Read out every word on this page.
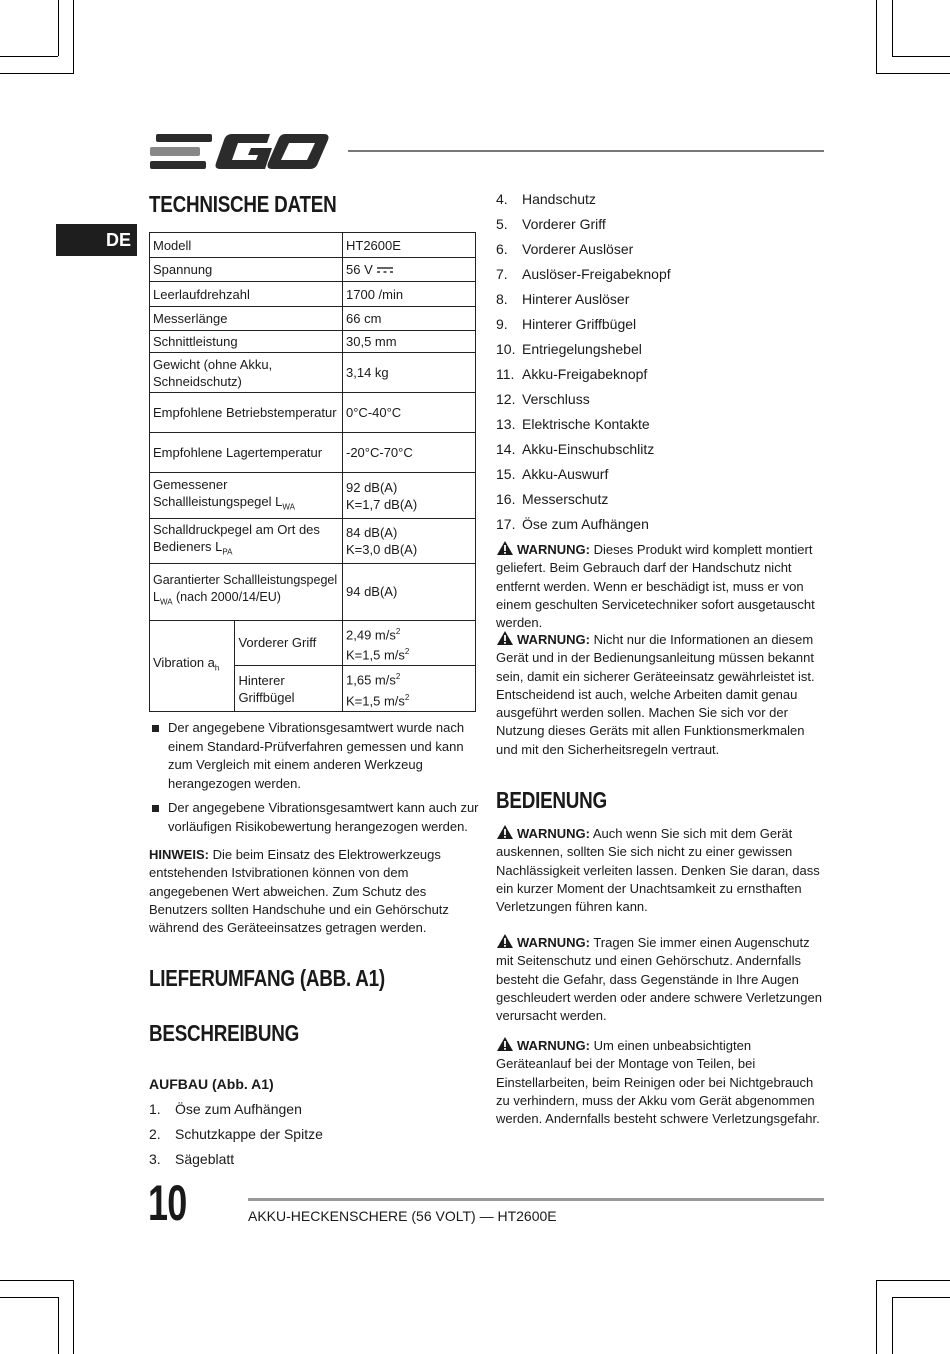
DE
TECHNISCHE DATEN
Modell		HT2600E
Spannung		56 V
Leerlaufdrehzahl		1700 /min
Messerlänge		66 cm
Schnittleistung		30,5 mm
Gewicht (ohne Akku,
Schneidschutz)		3,14 kg
Empfohlene Betriebstemperatur		0°C-40°C
Empfohlene Lagertemperatur		-20°C-70°C
Gemessener
Schallleistungspegel $L_{WA}$		92 dB(A)
K=1,7 dB(A)
Schalldruckpegel am Ort des
Bedieners $L_{PA}$		84 dB(A)
K=3,0 dB(A)
Garantierter Schallleistungspegel
$L_{WA}$ (nach 2000/14/EU)		94 dB(A)
Vibration $a_h$	Vorderer Griff	2,49 $m/s^2$
K=1,5 $m/s^2$
	Hinterer Griffbügel	1,65 $m/s^2$
K=1,5 $m/s^2$
Der angegebene Vibrationsgesamtwert wurde nach einem Standard-Prüfverfahren gemessen und kann zum Vergleich mit einem anderen Werkzeug herangezogen werden.
Der angegebene Vibrationsgesamtwert kann auch zur vorläufigen Risikobewertung herangezogen werden.
HINWEIS: Die beim Einsatz des Elektrowerkzeugs entstehenden Istvibrationen können von dem angegebenen Wert abweichen. Zum Schutz des Benutzers sollten Handschuhe und ein Gehörschutz während des Geräteeinsatzes getragen werden.
LIEFERUMFANG (ABB. A1)
BESCHREIBUNG
AUFBAU (Abb. A1)
1.	Öse zum Aufhängen
2.	Schutzkappe der Spitze
3.	Sägeblatt
4.	Handschutz
5.	Vorderer Griff
6.	Vorderer Auslöser
7.	Auslöser-Freigabeknopf
8.	Hinterer Auslöser
9.	Hinterer Griffbügel
10. Entriegelungshebel
11. Akku-Freigabeknopf
12. Verschluss
13. Elektrische Kontakte
14. Akku-Einschubschlitz
15. Akku-Auswurf
16. Messerschutz
17. Öse zum Aufhängen
WARNUNG: Dieses Produkt wird komplett montiert geliefert. Beim Gebrauch darf der Handschutz nicht entfernt werden. Wenn er beschädigt ist, muss er von einem geschulten Servicetechniker sofort ausgetauscht werden.
WARNUNG: Nicht nur die Informationen an diesem Gerät und in der Bedienungsanleitung müssen bekannt sein, damit ein sicherer Geräteeinsatz gewährleistet ist. Entscheidend ist auch, welche Arbeiten damit genau ausgeführt werden sollen. Machen Sie sich vor der Nutzung dieses Geräts mit allen Funktionsmerkmalen und mit den Sicherheitsregeln vertraut.
BEDIENUNG
WARNUNG: Auch wenn Sie sich mit dem Gerät auskennen, sollten Sie sich nicht zu einer gewissen Nachlässigkeit verleiten lassen. Denken Sie daran, dass ein kurzer Moment der Unachtsamkeit zu ernsthaften Verletzungen führen kann.
WARNUNG: Tragen Sie immer einen Augenschutz mit Seitenschutz und einen Gehörschutz. Andernfalls besteht die Gefahr, dass Gegenstände in Ihre Augen geschleudert werden oder andere schwere Verletzungen verursacht werden.
WARNUNG: Um einen unbeabsichtigten Geräteanlauf bei der Montage von Teilen, bei Einstellarbeiten, beim Reinigen oder bei Nichtgebrauch zu verhindern, muss der Akku vom Gerät abgenommen werden. Andernfalls besteht schwere Verletzungsgefahr.
10	AKKU-HECKENSCHERE (56 VOLT) — HT2600E
